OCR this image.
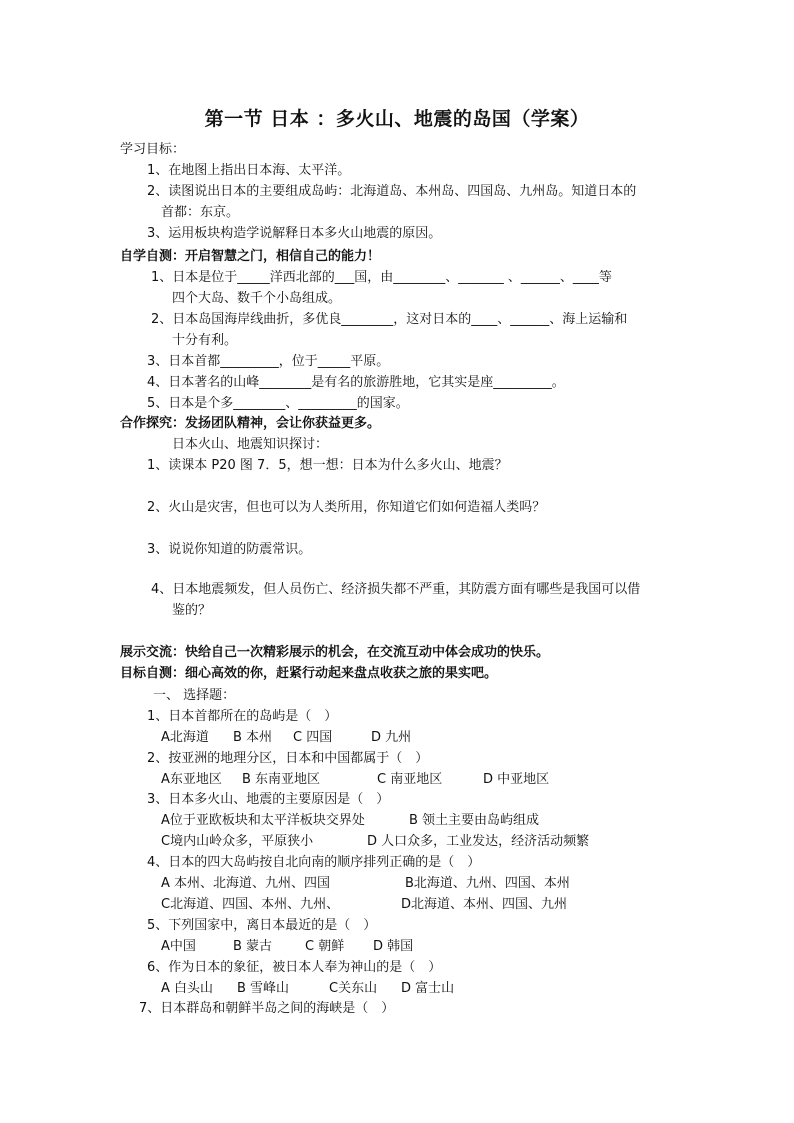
第一节 日本 ：多火山、地震的岛国（学案）
学习目标：
1、在地图上指出日本海、太平洋。
2、读图说出日本的主要组成岛屿：北海道岛、本州岛、四国岛、九州岛。知道日本的
首都：东京。
3、运用板块构造学说解释日本多火山地震的原因。
自学自测：开启智慧之门，相信自己的能力！
1、日本是位于_____洋西北部的___国，由________、_______ 、______、____等
四个大岛、数千个小岛组成。
2、日本岛国海岸线曲折，多优良________，这对日本的____、______、海上运输和
十分有利。
3、日本首都_________，位于_____平原。
4、日本著名的山峰________是有名的旅游胜地，它其实是座_________。
5、日本是个多________、_________的国家。
合作探究：发扬团队精神，会让你获益更多。
日本火山、地震知识探讨：
1、读课本 P20 图 7．5，想一想：日本为什么多火山、地震？
2、火山是灾害，但也可以为人类所用，你知道它们如何造福人类吗？
3、说说你知道的防震常识。
4、日本地震频发，但人员伤亡、经济损失都不严重，其防震方面有哪些是我国可以借
鉴的？
展示交流：快给自己一次精彩展示的机会，在交流互动中体会成功的快乐。
目标自测：细心高效的你，赶紧行动起来盘点收获之旅的果实吧。
一、 选择题：
1、日本首都所在的岛屿是（　）
A北海道 B 本州 C 四国	D 九州
2、按亚洲的地理分区，日本和中国都属于（　）
A东亚地区 B 东南亚地区	C 南亚地区	D 中亚地区
3、日本多火山、地震的主要原因是（　）
A位于亚欧板块和太平洋板块交界处	B 领土主要由岛屿组成
C境内山岭众多，平原狭小	D 人口众多，工业发达，经济活动频繁
4、日本的四大岛屿按自北向南的顺序排列正确的是（　）
A 本州、北海道、九州、四国	B北海道、九州、四国、本州
C北海道、四国、本州、九州、	D北海道、本州、四国、九州
5、下列国家中，离日本最近的是（　）
A中国	B 蒙古	C 朝鲜 D 韩国
6、作为日本的象征，被日本人奉为神山的是（　）
A 白头山 B 雪峰山	C关东山 D 富士山
7、日本群岛和朝鲜半岛之间的海峡是（　）
